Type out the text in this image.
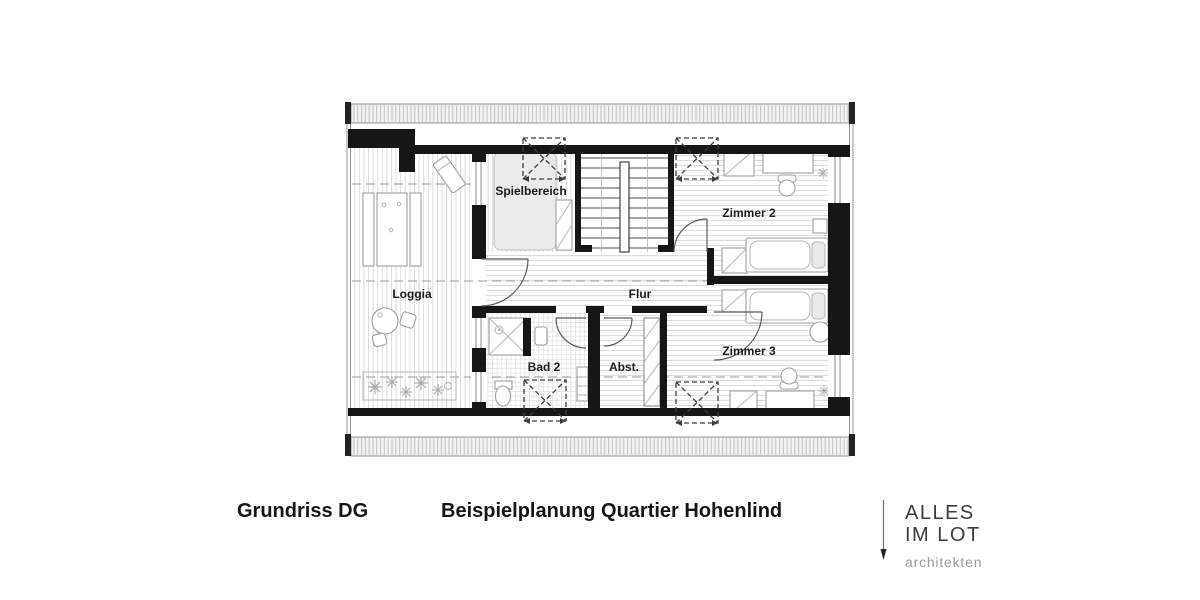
Spielbereich
Zimmer 2
Loggia	Flur
Bad 2	Abst.
Zimmer 3
Grundriss DG	Beispielplanung Quartier Hohenlind	ALLES
IM LOT
architekten
